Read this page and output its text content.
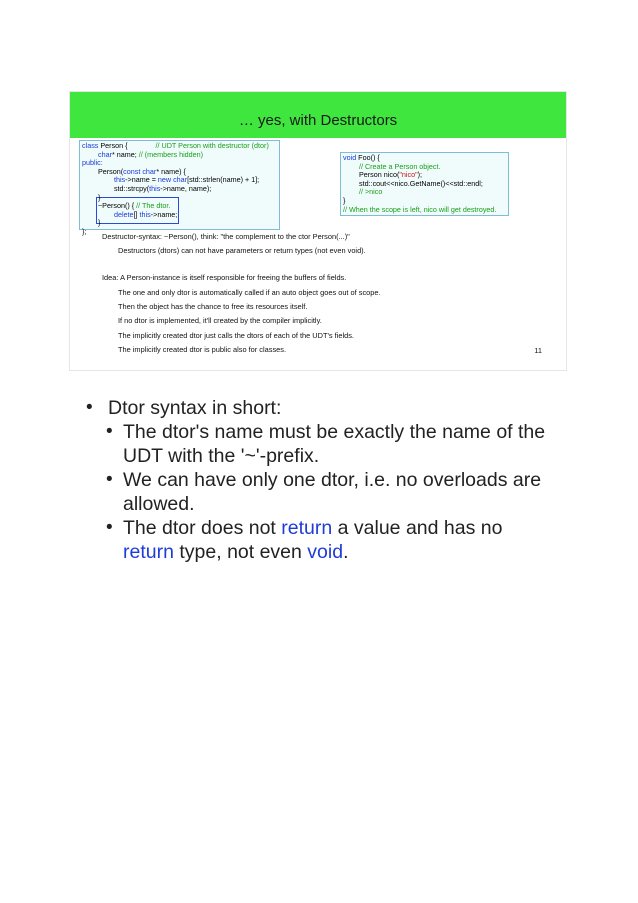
… yes, with Destructors
class Person {	// UDT Person with destructor (dtor)
char* name; // (members hidden)
public:
Person(const char* name) {
this->name = new char[std::strlen(name) + 1];
std::strcpy(this->name, name);
}
~Person() { // The dtor.
delete[] this->name;
}
};
void Foo() {
// Create a Person object.
Person nico("nico");
std::cout<<nico.GetName()<<std::endl;
// >nico
}
// When the scope is left, nico will get destroyed.
Destructor-syntax: ~Person(), think: "the complement to the ctor Person(...)"
Destructors (dtors) can not have parameters or return types (not even void).
Idea: A Person-instance is itself responsible for freeing the buffers of fields.
The one and only dtor is automatically called if an auto object goes out of scope.
Then the object has the chance to free its resources itself.
If no dtor is implemented, it'll created by the compiler implicitly.
The implicitly created dtor just calls the dtors of each of the UDT's fields.
The implicitly created dtor is public also for classes.	11
• Dtor syntax in short:
• The dtor's name must be exactly the name of the UDT with the '~'-prefix.
• We can have only one dtor, i.e. no overloads are allowed.
• The dtor does not return a value and has no return type, not even void.
